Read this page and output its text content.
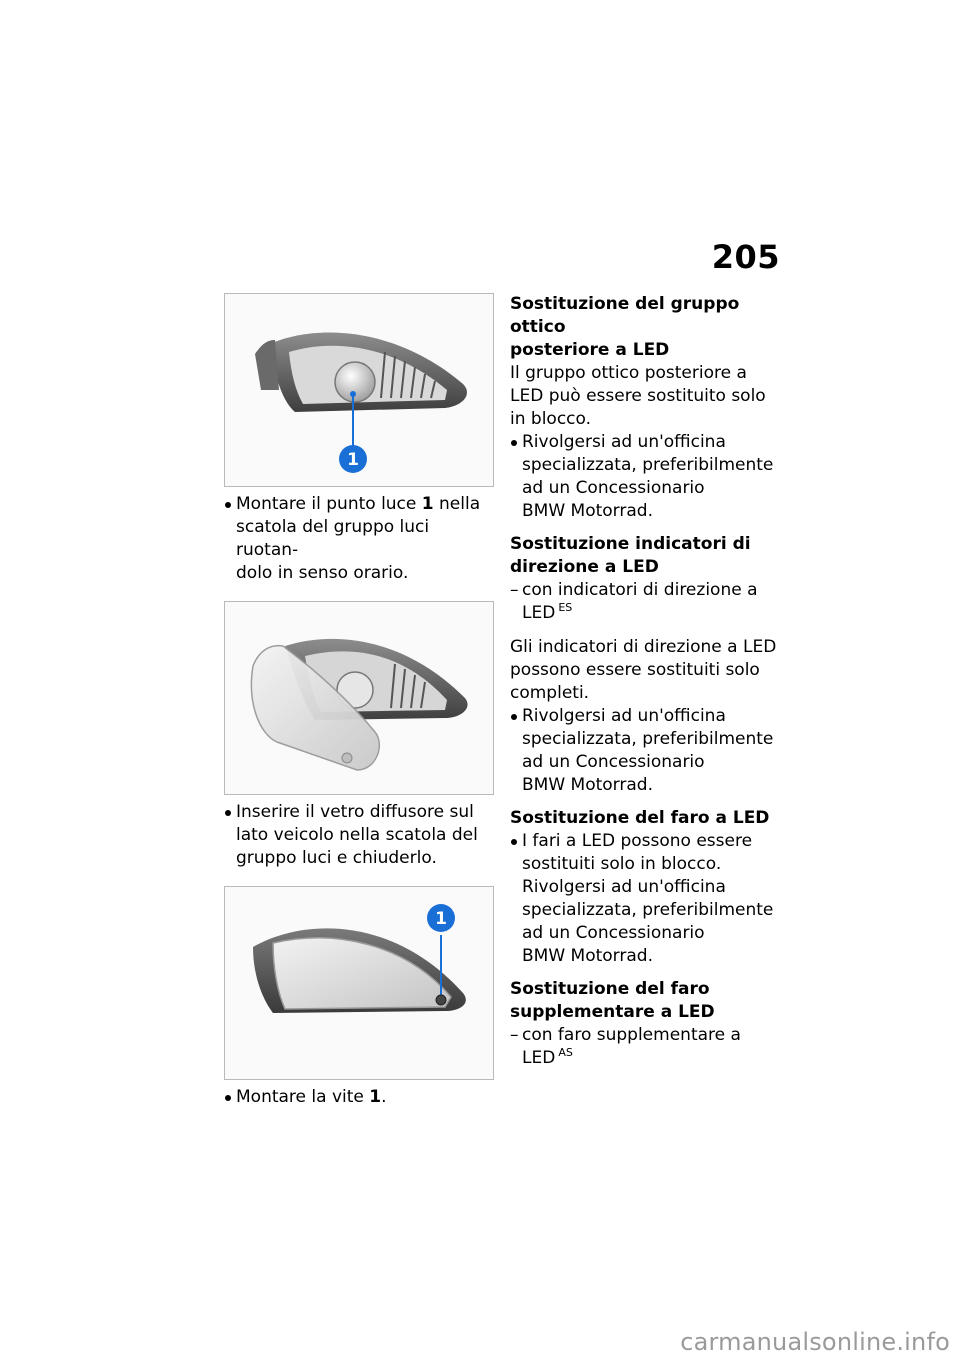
205
1
Montare il punto luce 1 nella
scatola del gruppo luci ruotan-
dolo in senso orario.
Inserire il vetro diffusore sul
lato veicolo nella scatola del
gruppo luci e chiuderlo.
1
Montare la vite 1.
Sostituzione del gruppo ottico
posteriore a LED
Il gruppo ottico posteriore a
LED può essere sostituito solo
in blocco.
Rivolgersi ad un'officina
specializzata, preferibilmente
ad un Concessionario
BMW Motorrad.
Sostituzione indicatori di
direzione a LED
– con indicatori di direzione a
LED $^{ES}$
Gli indicatori di direzione a LED
possono essere sostituiti solo
completi.
Rivolgersi ad un'officina
specializzata, preferibilmente
ad un Concessionario
BMW Motorrad.
Sostituzione del faro a LED
I fari a LED possono essere
sostituiti solo in blocco.
Rivolgersi ad un'officina
specializzata, preferibilmente
ad un Concessionario
BMW Motorrad.
Sostituzione del faro
supplementare a LED
– con faro supplementare a
LED $^{AS}$
carmanualsonline.info
